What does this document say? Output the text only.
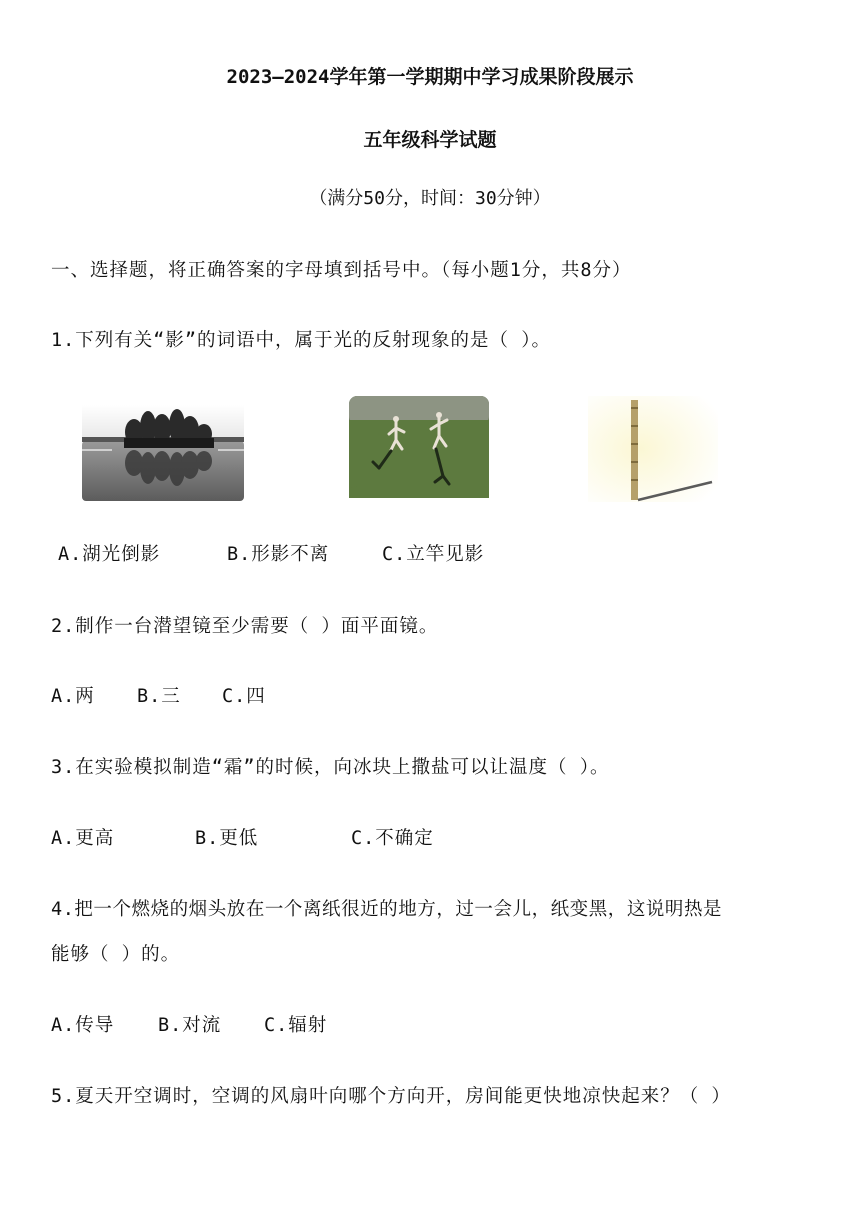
2023—2024学年第一学期期中学习成果阶段展示
五年级科学试题
（满分50分，时间：30分钟）
一、选择题，将正确答案的字母填到括号中。（每小题1分，共8分）
1.下列有关“影”的词语中，属于光的反射现象的是（ ）。
A.湖光倒影	B.形影不离	C.立竿见影
2.制作一台潜望镜至少需要（ ）面平面镜。
A.两 B.三 C.四
3.在实验模拟制造“霜”的时候，向冰块上撒盐可以让温度（ ）。
A.更高	B.更低	C.不确定
4.把一个燃烧的烟头放在一个离纸很近的地方，过一会儿，纸变黑，这说明热是
能够（ ）的。
A.传导 B.对流 C.辐射
5.夏天开空调时，空调的风扇叶向哪个方向开，房间能更快地凉快起来？（ ）
